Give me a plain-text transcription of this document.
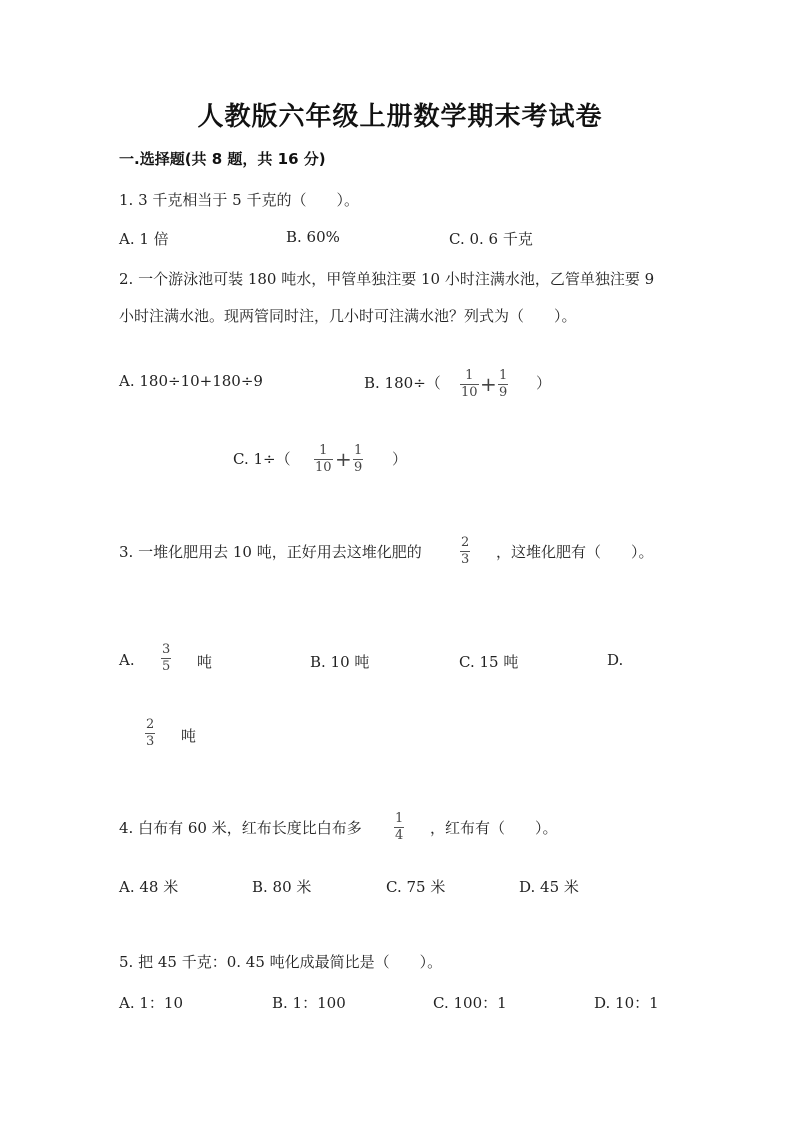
人教版六年级上册数学期末考试卷
一.选择题(共 8 题，共 16 分)
1. 3 千克相当于 5 千克的（　　）。
A. 1 倍	B. 60%	C. 0. 6 千克
2. 一个游泳池可装 180 吨水，甲管单独注要 10 小时注满水池，乙管单独注要 9
小时注满水池。现两管同时注，几小时可注满水池？列式为（　　）。
A. 180÷10+180÷9	B. 180÷（ 1
10 + 1
9
）
C. 1÷（ 1
10 + 1
9 ）
3. 一堆化肥用去 10 吨，正好用去这堆化肥的
2
3 ，这堆化肥有（　　）。
A.
3
5 吨	B. 10 吨	C. 15 吨	D.
2
3 吨
4. 白布有 60 米，红布长度比白布多
1
4 ，红布有（　　）。
A. 48 米	B. 80 米	C. 75 米	D. 45 米
5. 把 45 千克：0. 45 吨化成最简比是（　　）。
A. 1：10	B. 1：100	C. 100：1	D. 10：1
